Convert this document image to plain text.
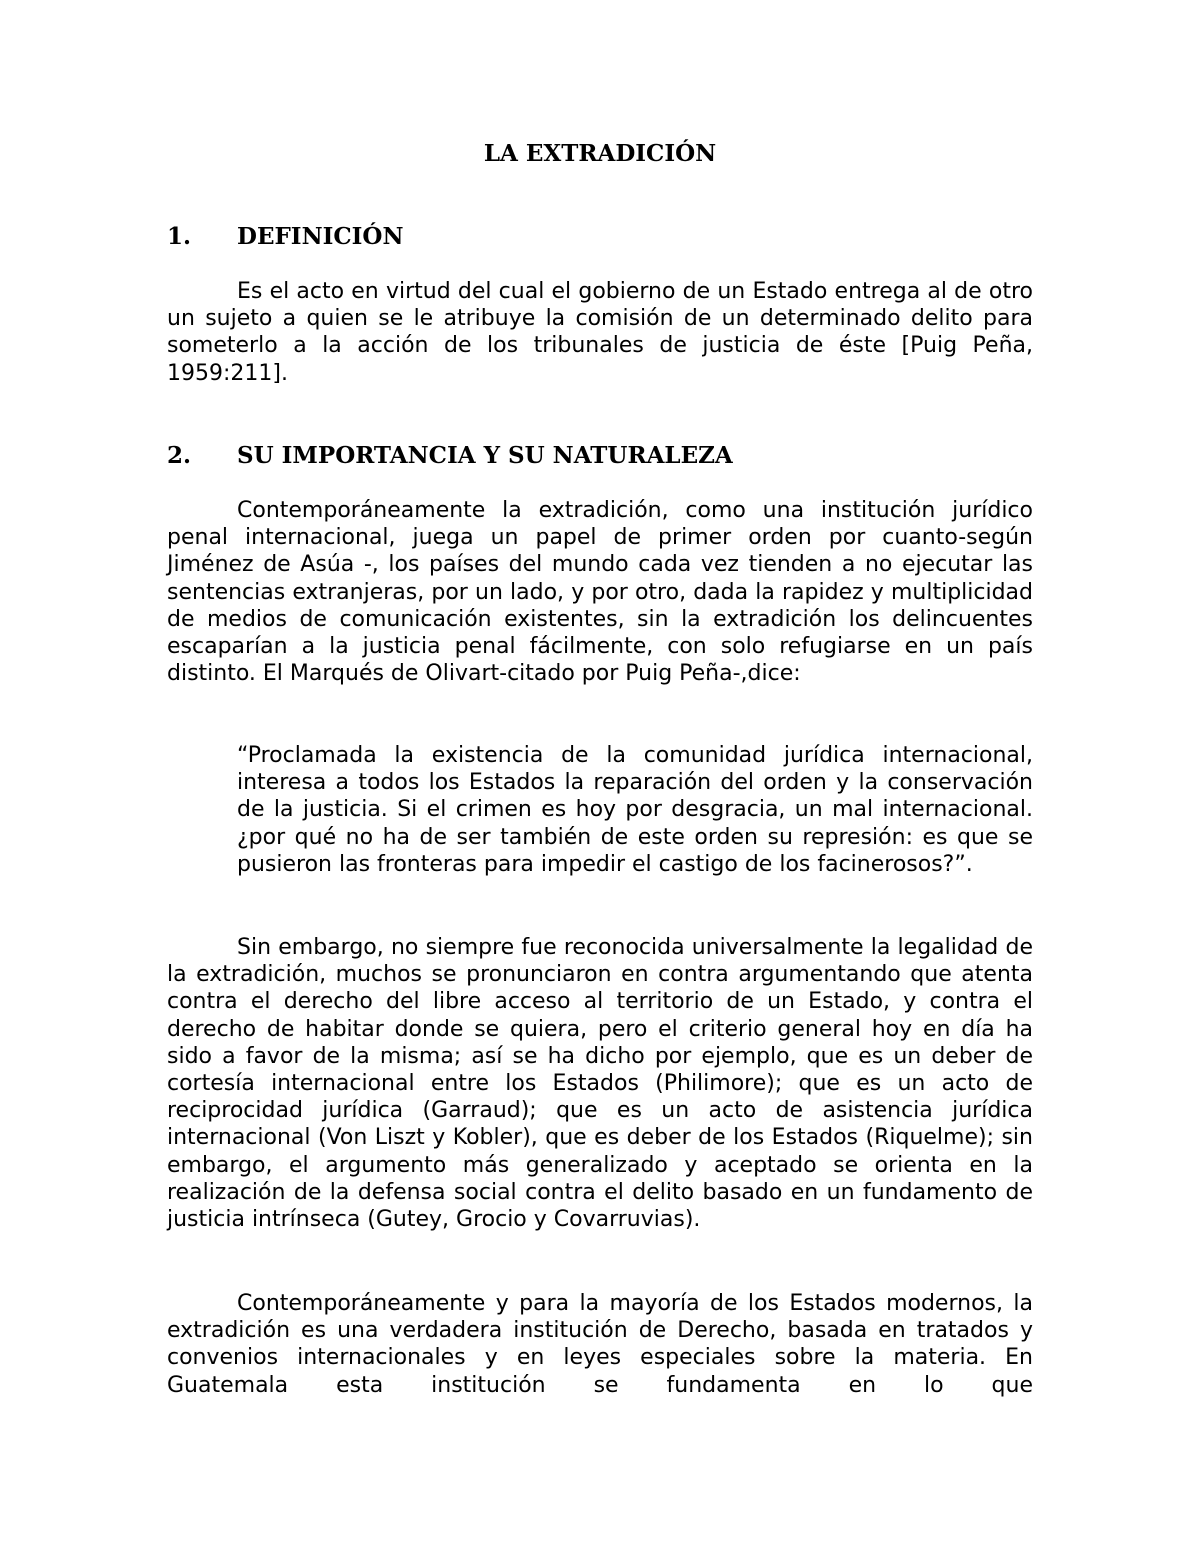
LA EXTRADICIÓN
1. DEFINICIÓN

Es el acto en virtud del cual el gobierno de un Estado entrega al de otro un sujeto a quien se le atribuye la comisión de un determinado delito para someterlo a la acción de los tribunales de justicia de éste [Puig Peña, 1959:211].

2. SU IMPORTANCIA Y SU NATURALEZA

Contemporáneamente la extradición, como una institución jurídico penal internacional, juega un papel de primer orden por cuanto-según Jiménez de Asúa -, los países del mundo cada vez tienden a no ejecutar las sentencias extranjeras, por un lado, y por otro, dada la rapidez y multiplicidad de medios de comunicación existentes, sin la extradición los delincuentes escaparían a la justicia penal fácilmente, con solo refugiarse en un país distinto. El Marqués de Olivart-citado por Puig Peña-,dice:

“Proclamada la existencia de la comunidad jurídica internacional, interesa a todos los Estados la reparación del orden y la conservación de la justicia. Si el crimen es hoy por desgracia, un mal internacional. ¿por qué no ha de ser también de este orden su represión: es que se pusieron las fronteras para impedir el castigo de los facinerosos?”.

Sin embargo, no siempre fue reconocida universalmente la legalidad de la extradición, muchos se pronunciaron en contra argumentando que atenta contra el derecho del libre acceso al territorio de un Estado, y contra el derecho de habitar donde se quiera, pero el criterio general hoy en día ha sido a favor de la misma; así se ha dicho por ejemplo, que es un deber de cortesía internacional entre los Estados (Philimore); que es un acto de reciprocidad jurídica (Garraud); que es un acto de asistencia jurídica internacional (Von Liszt y Kobler), que es deber de los Estados (Riquelme); sin embargo, el argumento más generalizado y aceptado se orienta en la realización de la defensa social contra el delito basado en un fundamento de justicia intrínseca (Gutey, Grocio y Covarruvias).

Contemporáneamente y para la mayoría de los Estados modernos, la extradición es una verdadera institución de Derecho, basada en tratados y convenios internacionales y en leyes especiales sobre la materia. En Guatemala esta institución se fundamenta en lo que
